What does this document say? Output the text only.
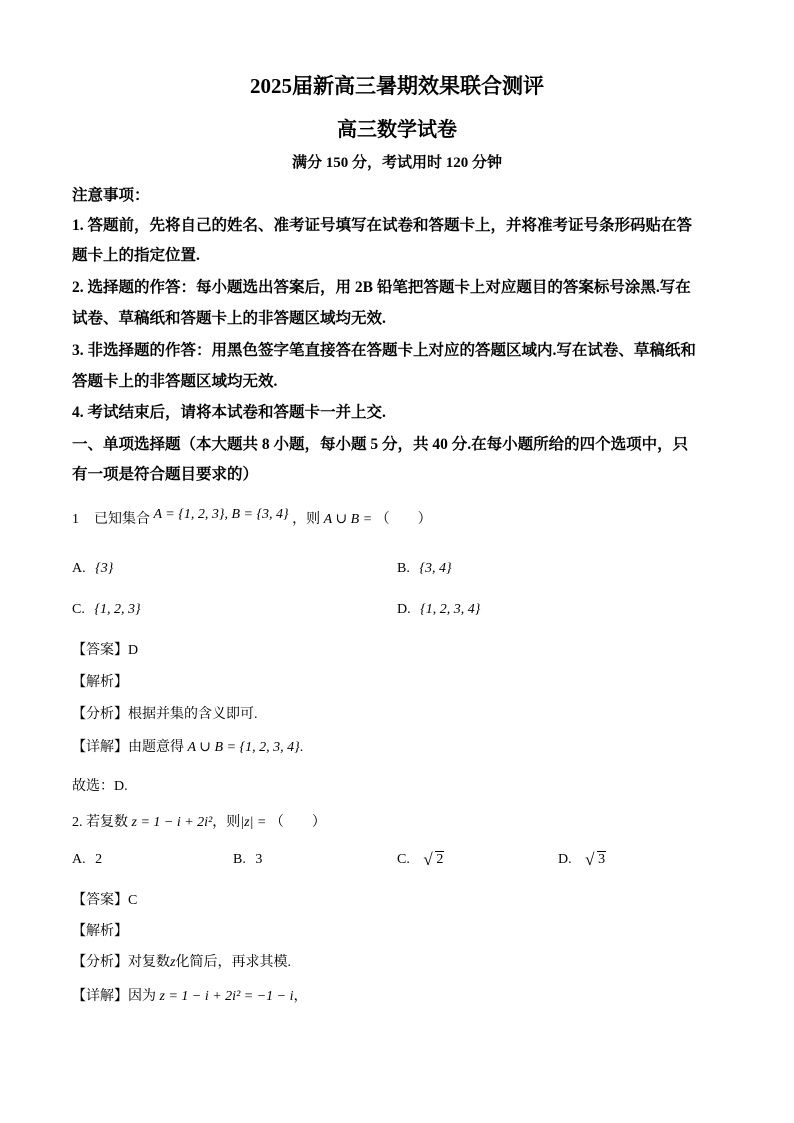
2025届新高三暑期效果联合测评
高三数学试卷
满分 150 分，考试用时 120 分钟
注意事项：
1. 答题前，先将自己的姓名、准考证号填写在试卷和答题卡上，并将准考证号条形码贴在答
题卡上的指定位置.
2. 选择题的作答：每小题选出答案后，用 2B 铅笔把答题卡上对应题目的答案标号涂黑.写在
试卷、草稿纸和答题卡上的非答题区域均无效.
3. 非选择题的作答：用黑色签字笔直接答在答题卡上对应的答题区域内.写在试卷、草稿纸和
答题卡上的非答题区域均无效.
4. 考试结束后，请将本试卷和答题卡一并上交.
一、单项选择题（本大题共 8 小题，每小题 5 分，共 40 分.在每小题所给的四个选项中，只
有一项是符合题目要求的）
1 已知集合 A = {1, 2, 3}, B = {3, 4} ，则 A ∪ B = （　　）
A. {3}	B. {3, 4}
C. {1, 2, 3}	D. {1, 2, 3, 4}
【答案】D
【解析】
【分析】根据并集的含义即可.
【详解】由题意得 A ∪ B = {1, 2, 3, 4}.
故选：D.
2. 若复数 z = 1 − i + 2i²，则|z| = （　　）
A. 2	B. 3	C. √ 2	D. √ 3
【答案】C
【解析】
【分析】对复数z化简后，再求其模.
【详解】因为 z = 1 − i + 2i² = −1 − i，
